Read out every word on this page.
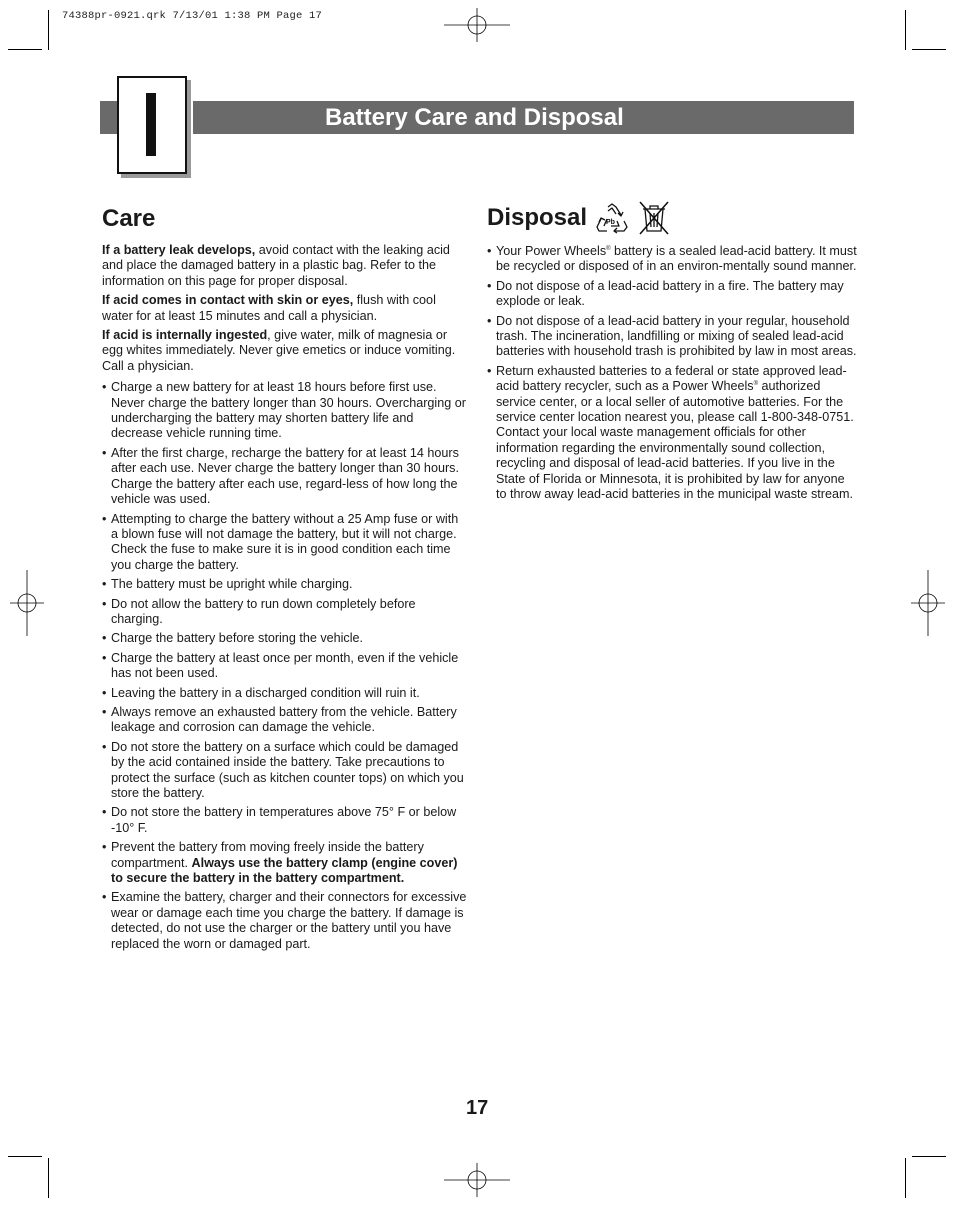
74388pr-0921.qrk 7/13/01 1:38 PM Page 17
Battery Care and Disposal
Care

If a battery leak develops, avoid contact with the leaking acid and place the damaged battery in a plastic bag. Refer to the information on this page for proper disposal.

If acid comes in contact with skin or eyes, flush with cool water for at least 15 minutes and call a physician.

If acid is internally ingested, give water, milk of magnesia or egg whites immediately. Never give emetics or induce vomiting. Call a physician.

• Charge a new battery for at least 18 hours before first use. Never charge the battery longer than 30 hours. Overcharging or undercharging the battery may shorten battery life and decrease vehicle running time.
• After the first charge, recharge the battery for at least 14 hours after each use. Never charge the battery longer than 30 hours. Charge the battery after each use, regard-less of how long the vehicle was used.
• Attempting to charge the battery without a 25 Amp fuse or with a blown fuse will not damage the battery, but it will not charge. Check the fuse to make sure it is in good condition each time you charge the battery.
• The battery must be upright while charging.
• Do not allow the battery to run down completely before charging.
• Charge the battery before storing the vehicle.
• Charge the battery at least once per month, even if the vehicle has not been used.
• Leaving the battery in a discharged condition will ruin it.
• Always remove an exhausted battery from the vehicle. Battery leakage and corrosion can damage the vehicle.
• Do not store the battery on a surface which could be damaged by the acid contained inside the battery. Take precautions to protect the surface (such as kitchen counter tops) on which you store the battery.
• Do not store the battery in temperatures above 75° F or below -10° F.
• Prevent the battery from moving freely inside the battery compartment. Always use the battery clamp (engine cover) to secure the battery in the battery compartment.
• Examine the battery, charger and their connectors for excessive wear or damage each time you charge the battery. If damage is detected, do not use the charger or the battery until you have replaced the worn or damaged part.
Disposal	Pb
• Your Power Wheels® battery is a sealed lead-acid battery. It must be recycled or disposed of in an environ-mentally sound manner.
• Do not dispose of a lead-acid battery in a fire. The battery may explode or leak.
• Do not dispose of a lead-acid battery in your regular, household trash. The incineration, landfilling or mixing of sealed lead-acid batteries with household trash is prohibited by law in most areas.
• Return exhausted batteries to a federal or state approved lead-acid battery recycler, such as a Power Wheels® authorized service center, or a local seller of automotive batteries. For the service center location nearest you, please call 1-800-348-0751. Contact your local waste management officials for other information regarding the environmentally sound collection, recycling and disposal of lead-acid batteries. If you live in the State of Florida or Minnesota, it is prohibited by law for anyone to throw away lead-acid batteries in the municipal waste stream.
17
